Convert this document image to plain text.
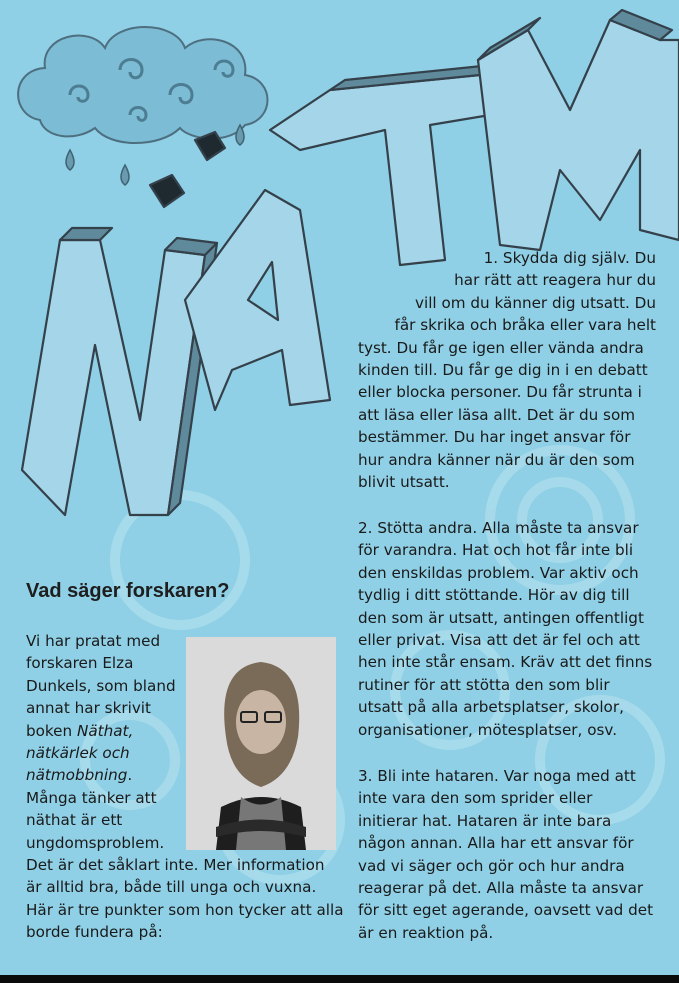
1. Skydda dig själv. Du
har rätt att reagera hur du
vill om du känner dig utsatt. Du
får skrika och bråka eller vara helt
tyst. Du får ge igen eller vända andra
kinden till. Du får ge dig in i en debatt
eller blocka personer. Du får strunta i
att läsa eller läsa allt. Det är du som
bestämmer. Du har inget ansvar för
hur andra känner när du är den som
blivit utsatt.

2. Stötta andra. Alla måste ta ansvar för varandra. Hat och hot får inte bli den enskildas problem. Var aktiv och tydlig i ditt stöttande. Hör av dig till den som är utsatt, antingen offentligt eller privat. Visa att det är fel och att hen inte står ensam. Kräv att det finns rutiner för att stötta den som blir utsatt på alla arbetsplatser, skolor, organisationer, mötesplatser, osv.

3. Bli inte hataren. Var noga med att inte vara den som sprider eller initierar hat. Hataren är inte bara någon annan. Alla har ett ansvar för vad vi säger och gör och hur andra reagerar på det. Alla måste ta ansvar för sitt eget agerande, oavsett vad det är en reaktion på.

Vad säger forskaren?
Vi har pratat med forskaren Elza Dunkels, som bland annat har skrivit boken Näthat, nätkärlek och nätmobbning. Många tänker att näthat är ett ungdomsproblem. Det är det såklart inte. Mer information är alltid bra, både till unga och vuxna. Här är tre punkter som hon tycker att alla borde fundera på:
